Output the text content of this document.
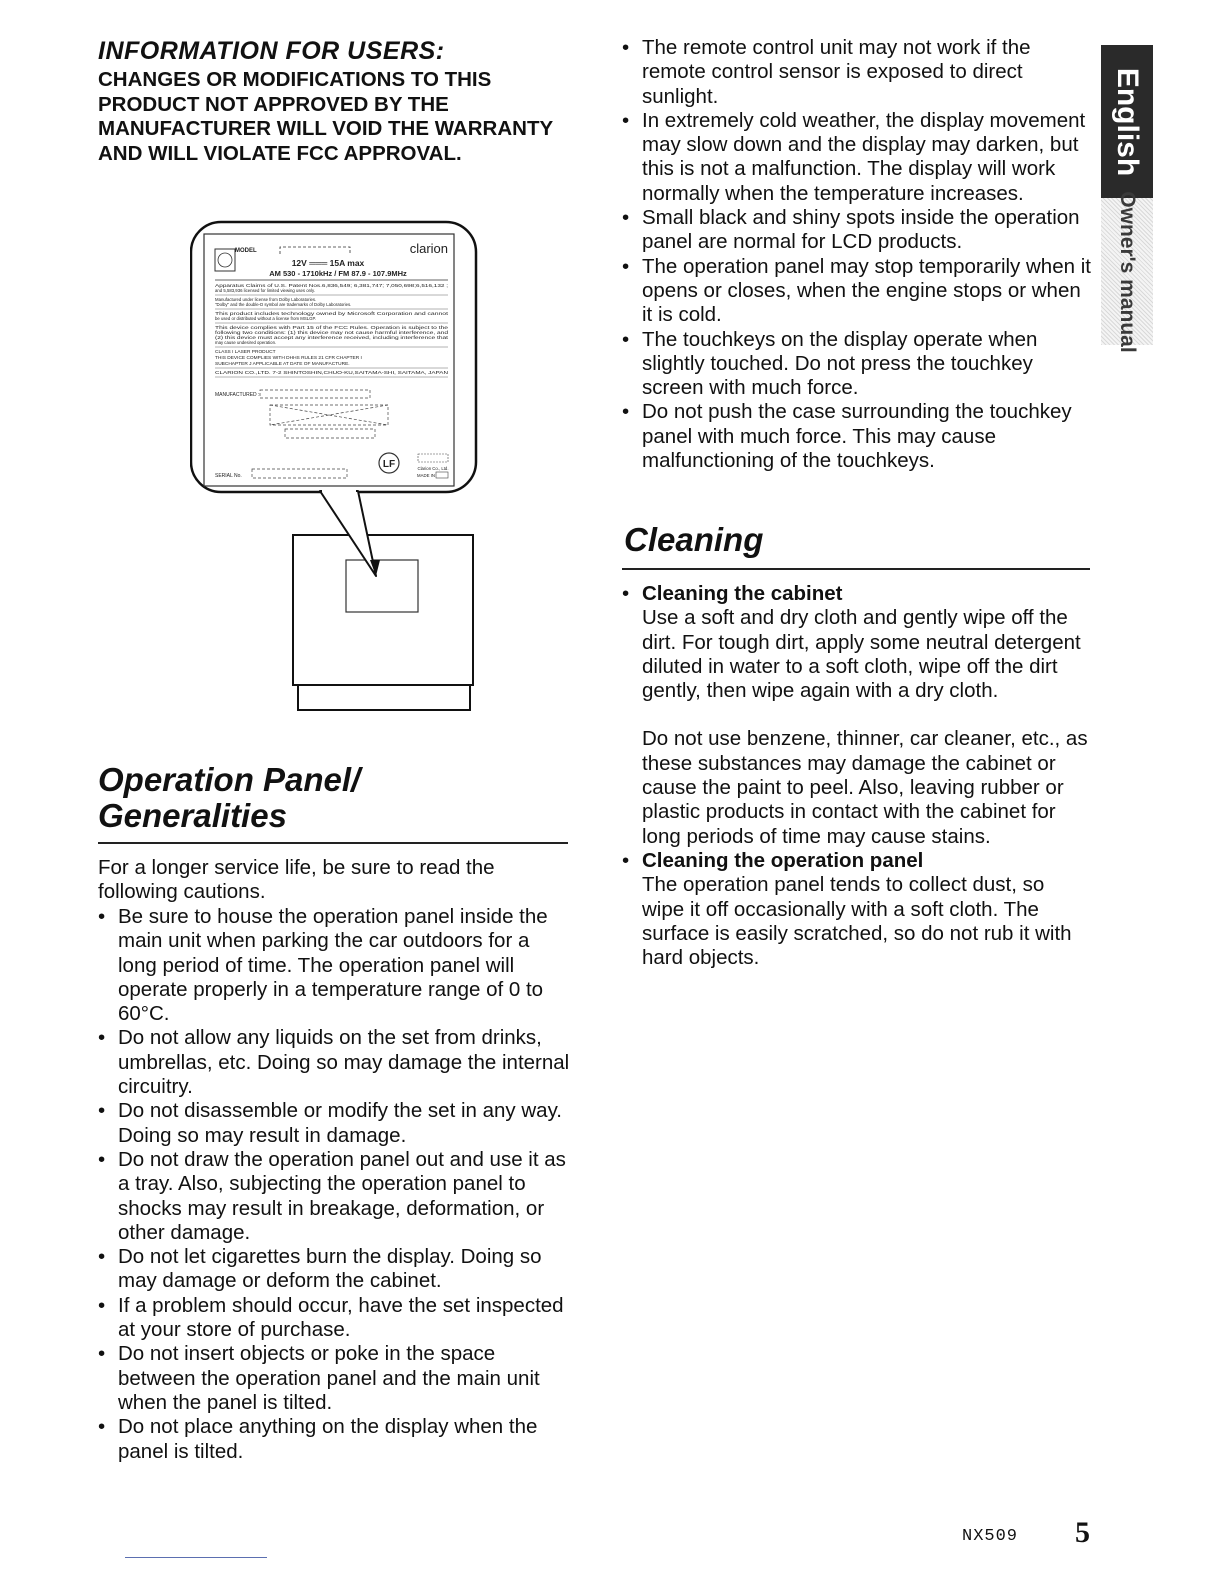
INFORMATION FOR USERS:

CHANGES OR MODIFICATIONS TO THIS PRODUCT NOT APPROVED BY THE MANUFACTURER WILL VOID THE WARRANTY AND WILL VIOLATE FCC APPROVAL.

MODEL	clarion
12V ═══ 15A max
AM 530 - 1710kHz / FM 87.9 - 107.9MHz
Apparatus Claims of U.S. Patent Nos.6,836,549; 6,381,747; 7,050,698;6,516,132 ;
and 5,583,936 licensed for limited viewing uses only.
Manufactured under license from Dolby Laboratories.
"Dolby" and the double-D symbol are trademarks of Dolby Laboratories.
This product includes technology owned by Microsoft Corporation and cannot
be used or distributed without a license from MSLGP.
This device complies with Part 15 of the FCC Rules. Operation is subject to the
following two conditions: (1) this device may not cause harmful interference, and
(2) this device must accept any interference received, including interference that
may cause undesired operation.
CLASS I LASER PRODUCT
THIS DEVICE COMPLIES WITH DHHS RULES 21 CFR CHAPTER I
SUBCHAPTER J APPLICABLE AT DATE OF MANUFACTURE.
CLARION CO.,LTD. 7-2 SHINTOSHIN,CHUO-KU,SAITAMA-SHI, SAITAMA, JAPAN
MANUFACTURED :
SERIAL No.
LF	Clarion Co., Ltd.
MADE IN
Operation Panel/
Generalities

For a longer service life, be sure to read the following cautions.

• Be sure to house the operation panel inside the main unit when parking the car outdoors for a long period of time. The operation panel will operate properly in a temperature range of 0 to 60°C.
• Do not allow any liquids on the set from drinks, umbrellas, etc. Doing so may damage the internal circuitry.
• Do not disassemble or modify the set in any way. Doing so may result in damage.
• Do not draw the operation panel out and use it as a tray. Also, subjecting the operation panel to shocks may result in breakage, deformation, or other damage.
• Do not let cigarettes burn the display. Doing so may damage or deform the cabinet.
• If a problem should occur, have the set inspected at your store of purchase.
• Do not insert objects or poke in the space between the operation panel and the main unit when the panel is tilted.
• Do not place anything on the display when the panel is tilted.
• The remote control unit may not work if the remote control sensor is exposed to direct sunlight.
• In extremely cold weather, the display movement may slow down and the display may darken, but this is not a malfunction. The display will work normally when the temperature increases.
• Small black and shiny spots inside the operation panel are normal for LCD products.
• The operation panel may stop temporarily when it opens or closes, when the engine stops or when it is cold.
• The touchkeys on the display operate when slightly touched. Do not press the touchkey screen with much force.
• Do not push the case surrounding the touchkey panel with much force. This may cause malfunctioning of the touchkeys.
Cleaning
• Cleaning the cabinet
Use a soft and dry cloth and gently wipe off the dirt. For tough dirt, apply some neutral detergent diluted in water to a soft cloth, wipe off the dirt gently, then wipe again with a dry cloth.
Do not use benzene, thinner, car cleaner, etc., as these substances may damage the cabinet or cause the paint to peel. Also, leaving rubber or plastic products in contact with the cabinet for long periods of time may cause stains.
• Cleaning the operation panel
The operation panel tends to collect dust, so wipe it off occasionally with a soft cloth. The surface is easily scratched, so do not rub it with hard objects.
English
Owner's manual
NX509 5
